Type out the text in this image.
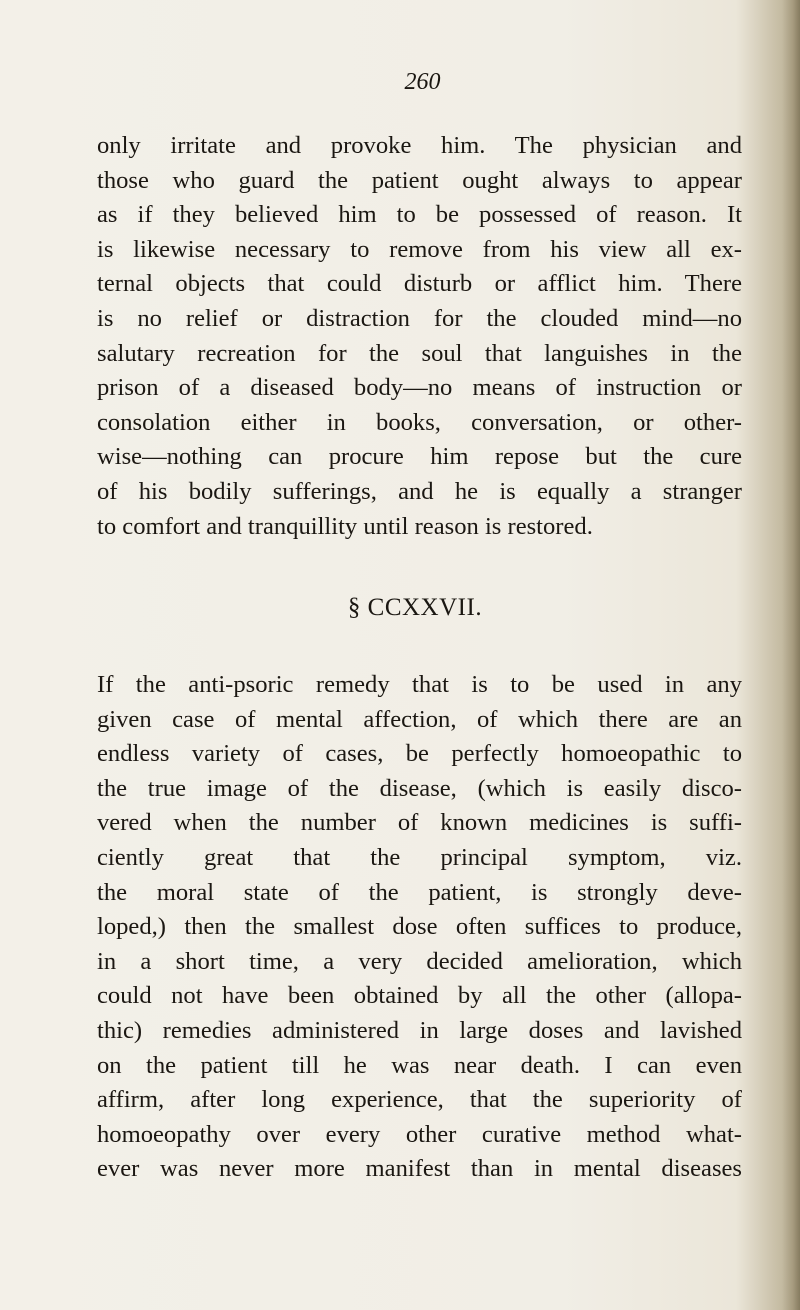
260
only irritate and provoke him. The physician and
those who guard the patient ought always to appear
as if they believed him to be possessed of reason. It
is likewise necessary to remove from his view all ex-
ternal objects that could disturb or afflict him. There
is no relief or distraction for the clouded mind—no
salutary recreation for the soul that languishes in the
prison of a diseased body—no means of instruction or
consolation either in books, conversation, or other-
wise—nothing can procure him repose but the cure
of his bodily sufferings, and he is equally a stranger
to comfort and tranquillity until reason is restored.
§ CCXXVII.
If the anti-psoric remedy that is to be used in any
given case of mental affection, of which there are an
endless variety of cases, be perfectly homoeopathic to
the true image of the disease, (which is easily disco-
vered when the number of known medicines is suffi-
ciently great that the principal symptom, viz.
the moral state of the patient, is strongly deve-
loped,) then the smallest dose often suffices to produce,
in a short time, a very decided amelioration, which
could not have been obtained by all the other (allopa-
thic) remedies administered in large doses and lavished
on the patient till he was near death. I can even
affirm, after long experience, that the superiority of
homoeopathy over every other curative method what-
ever was never more manifest than in mental diseases
